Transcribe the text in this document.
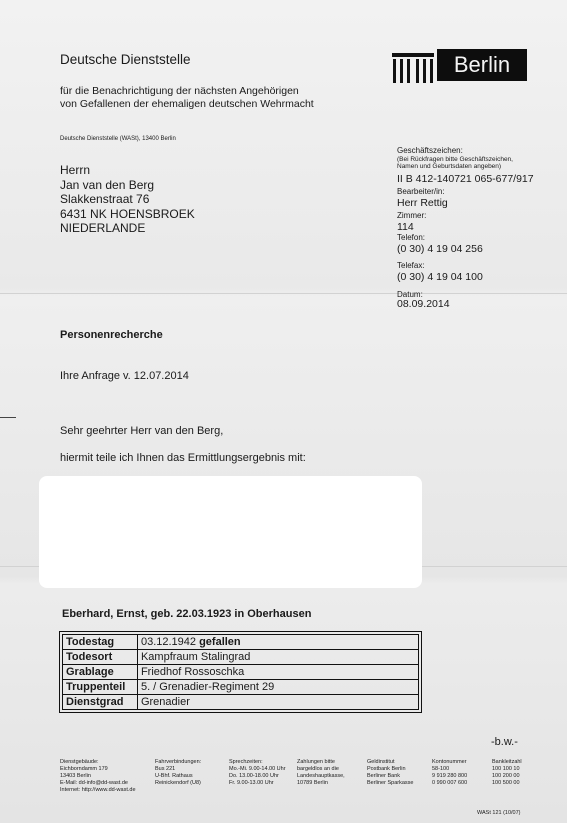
Deutsche Dienststelle
für die Benachrichtigung der nächsten Angehörigen
von Gefallenen der ehemaligen deutschen Wehrmacht
Deutsche Dienststelle (WASt), 13400 Berlin
Berlin
Herrn
Jan van den Berg
Slakkenstraat 76
6431 NK HOENSBROEK
NIEDERLANDE
Geschäftszeichen:
(Bei Rückfragen bitte Geschäftszeichen,
Namen und Geburtsdaten angeben)
II B 412-140721 065-677/917
Bearbeiter/in:
Herr Rettig
Zimmer:
114
Telefon:
(0 30) 4 19 04 256
Telefax:
(0 30) 4 19 04 100
Datum:
08.09.2014
Personenrecherche
Ihre Anfrage v. 12.07.2014
Sehr geehrter Herr van den Berg,
hiermit teile ich Ihnen das Ermittlungsergebnis mit:
Eberhard, Ernst, geb. 22.03.1923 in Oberhausen
Todestag	03.12.1942 gefallen
Todesort	Kampfraum Stalingrad
Grablage	Friedhof Rossoschka
Truppenteil	5. / Grenadier-Regiment 29
Dienstgrad	Grenadier
-b.w.-
Dienstgebäude:
Eichborndamm 179
13403 Berlin
E-Mail: dd-info@dd-wast.de
Internet: http://www.dd-wast.de
Fahrverbindungen:
Bus 221
U-Bhf. Rathaus
Reinickendorf (U8)
Sprechzeiten:
Mo.-Mi. 9.00-14.00 Uhr
Do. 13.00-18.00 Uhr
Fr. 9.00-13.00 Uhr
Zahlungen bitte
bargeldlos an die
Landeshauptkasse,
10789 Berlin
Geldinstitut
Postbank Berlin
Berliner Bank
Berliner Sparkasse
Kontonummer
58-100
9 919 280 800
0 990 007 600
Bankleitzahl
100 100 10
100 200 00
100 500 00
WASt 121 (10/07)
